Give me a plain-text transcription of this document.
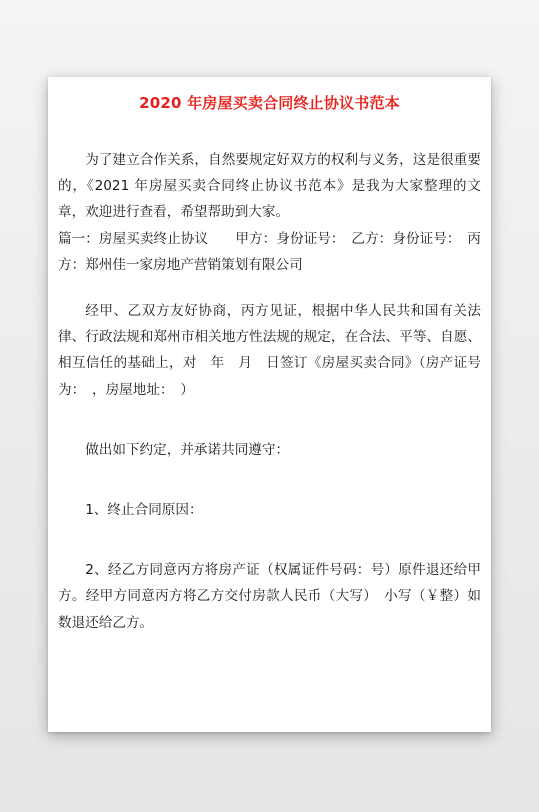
2020 年房屋买卖合同终止协议书范本

为了建立合作关系，自然要规定好双方的权利与义务，这是很重要的，《2021 年房屋买卖合同终止协议书范本》是我为大家整理的文章，欢迎进行查看，希望帮助到大家。

篇一：房屋买卖终止协议　　甲方：身份证号：　乙方：身份证号：　丙方：郑州佳一家房地产营销策划有限公司

经甲、乙双方友好协商，丙方见证，根据中华人民共和国有关法律、行政法规和郑州市相关地方性法规的规定，在合法、平等、自愿、相互信任的基础上，对　年　月　日签订《房屋买卖合同》（房产证号为：　，房屋地址：　）

做出如下约定，并承诺共同遵守：

1、终止合同原因：

2、经乙方同意丙方将房产证（权属证件号码：号）原件退还给甲方。经甲方同意丙方将乙方交付房款人民币（大写）　小写（￥整）如数退还给乙方。
